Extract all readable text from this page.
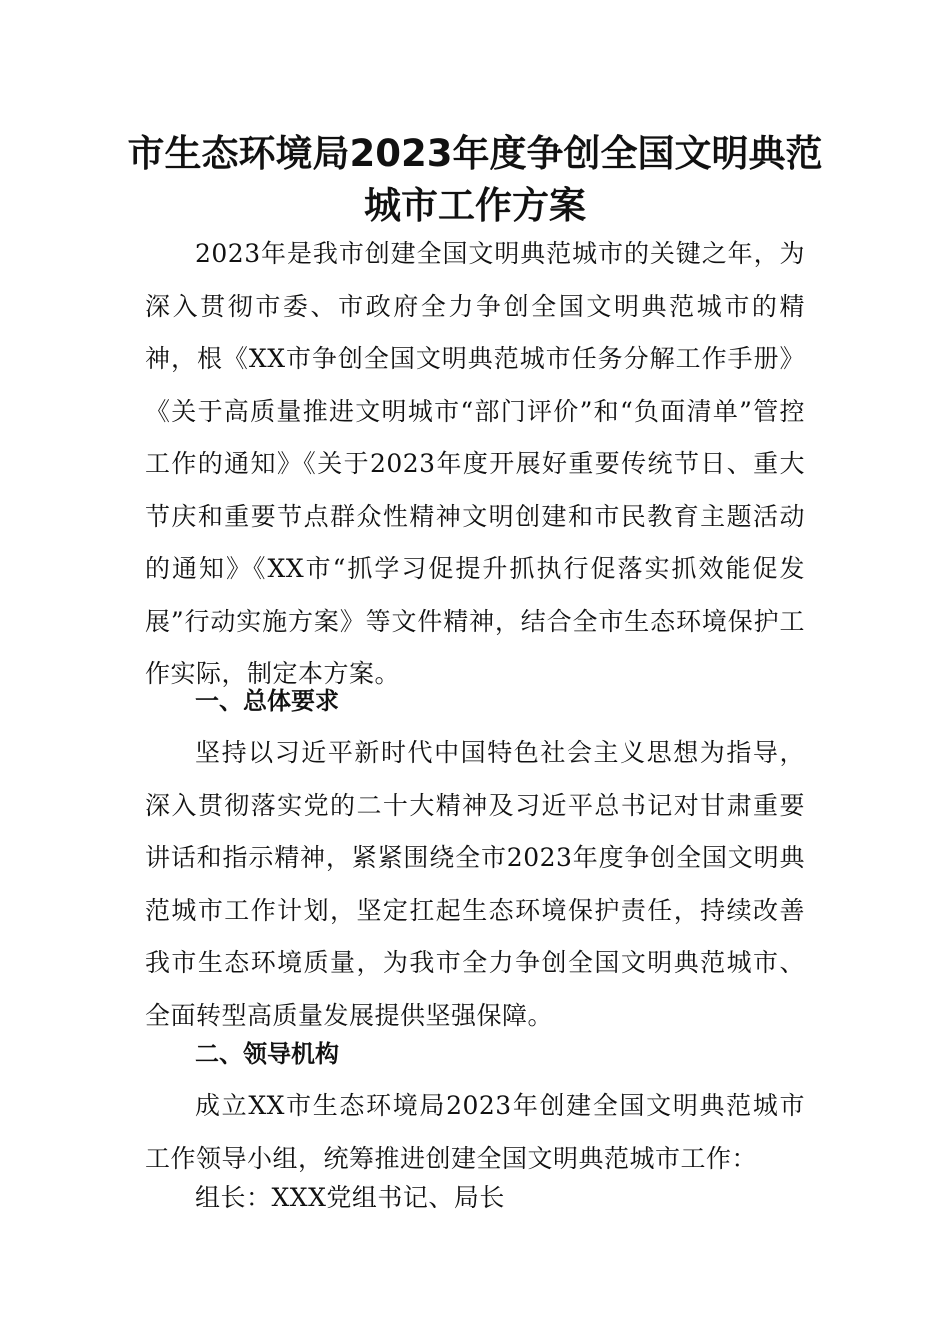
市生态环境局2023年度争创全国文明典范
城市工作方案

2023年是我市创建全国文明典范城市的关键之年，为深入贯彻市委、市政府全力争创全国文明典范城市的精神，根《XX市争创全国文明典范城市任务分解工作手册》《关于高质量推进文明城市“部门评价”和“负面清单”管控工作的通知》《关于2023年度开展好重要传统节日、重大节庆和重要节点群众性精神文明创建和市民教育主题活动的通知》《XX市“抓学习促提升抓执行促落实抓效能促发展”行动实施方案》等文件精神，结合全市生态环境保护工作实际，制定本方案。

一、总体要求

坚持以习近平新时代中国特色社会主义思想为指导，深入贯彻落实党的二十大精神及习近平总书记对甘肃重要讲话和指示精神，紧紧围绕全市2023年度争创全国文明典范城市工作计划，坚定扛起生态环境保护责任，持续改善我市生态环境质量，为我市全力争创全国文明典范城市、全面转型高质量发展提供坚强保障。

二、领导机构

成立XX市生态环境局2023年创建全国文明典范城市工作领导小组，统筹推进创建全国文明典范城市工作：

组长：XXX党组书记、局长
